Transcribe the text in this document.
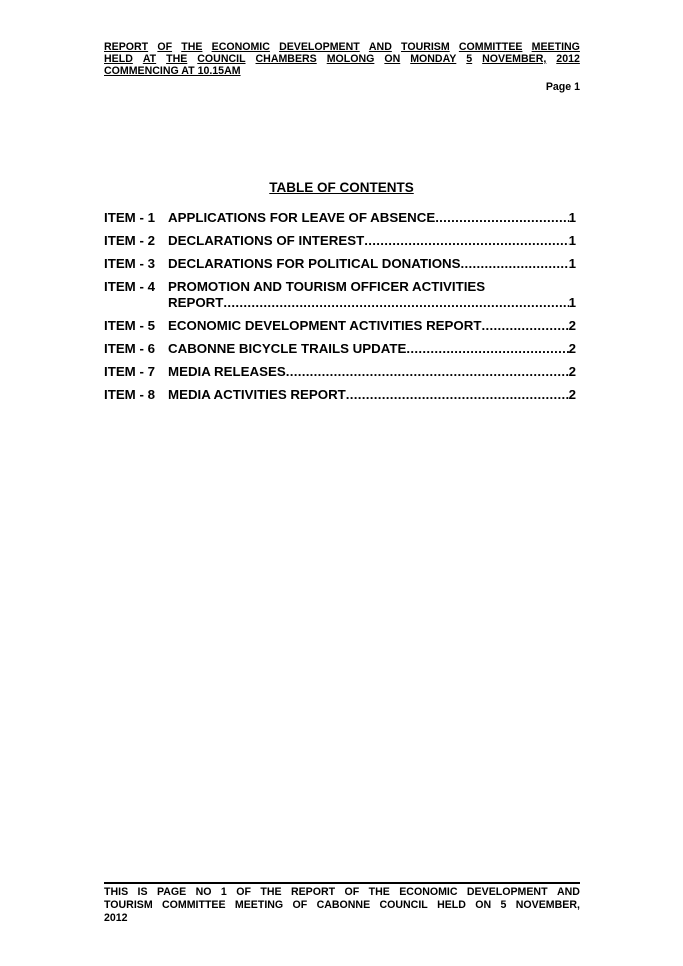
REPORT OF THE ECONOMIC DEVELOPMENT AND TOURISM COMMITTEE MEETING
HELD AT THE COUNCIL CHAMBERS MOLONG ON MONDAY 5 NOVEMBER, 2012
COMMENCING AT 10.15AM
Page 1
TABLE OF CONTENTS
ITEM - 1 APPLICATIONS FOR LEAVE OF ABSENCE .....	1
ITEM - 2 DECLARATIONS OF INTEREST .....	1
ITEM - 3 DECLARATIONS FOR POLITICAL DONATIONS .....	1
ITEM - 4 PROMOTION AND TOURISM OFFICER ACTIVITIES
REPORT .....	1
ITEM - 5 ECONOMIC DEVELOPMENT ACTIVITIES REPORT .....	2
ITEM - 6 CABONNE BICYCLE TRAILS UPDATE .....	2
ITEM - 7 MEDIA RELEASES .....	2
ITEM - 8 MEDIA ACTIVITIES REPORT .....	2
THIS IS PAGE NO 1 OF THE REPORT OF THE ECONOMIC DEVELOPMENT AND
TOURISM COMMITTEE MEETING OF CABONNE COUNCIL HELD ON 5 NOVEMBER,
2012
